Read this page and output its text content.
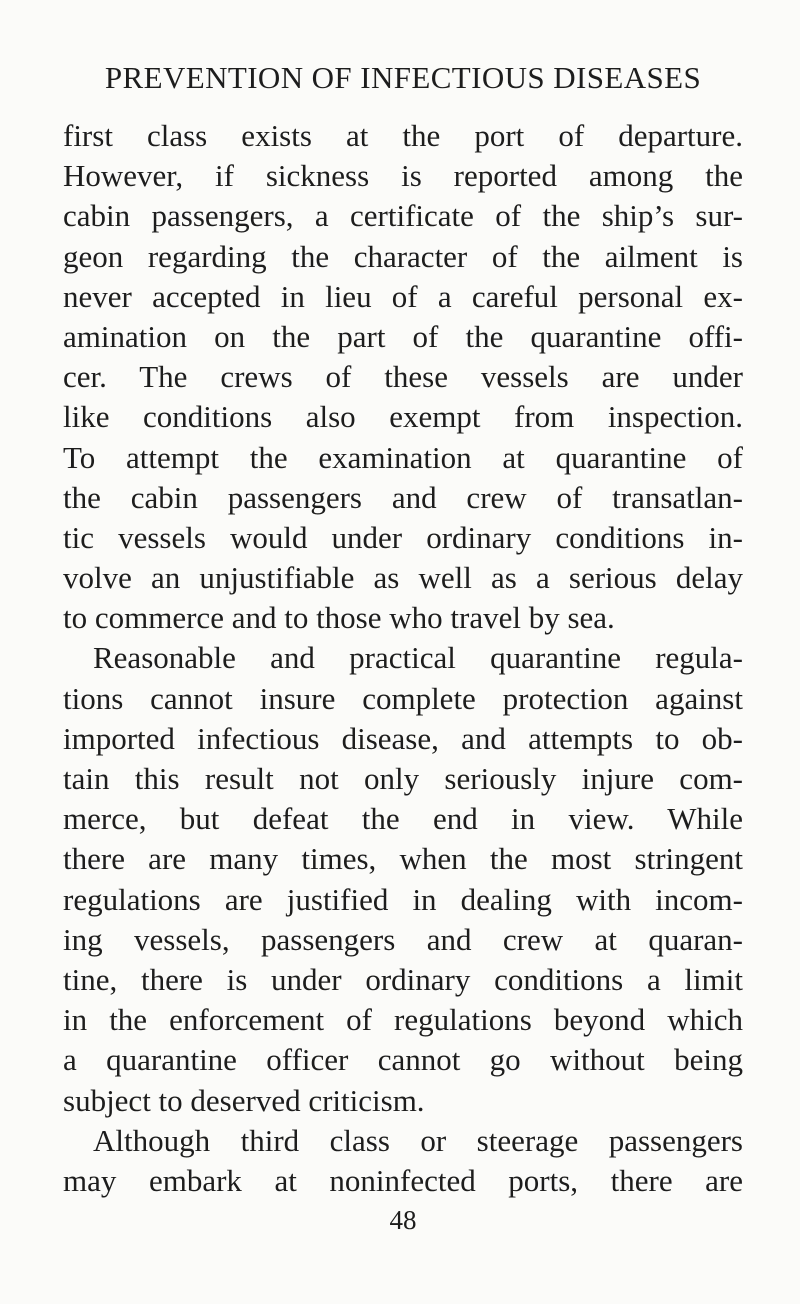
PREVENTION OF INFECTIOUS DISEASES
first class exists at the port of departure.
However, if sickness is reported among the
cabin passengers, a certificate of the ship’s sur-
geon regarding the character of the ailment is
never accepted in lieu of a careful personal ex-
amination on the part of the quarantine offi-
cer. The crews of these vessels are under
like conditions also exempt from inspection.
To attempt the examination at quarantine of
the cabin passengers and crew of transatlan-
tic vessels would under ordinary conditions in-
volve an unjustifiable as well as a serious delay
to commerce and to those who travel by sea.
Reasonable and practical quarantine regula-
tions cannot insure complete protection against
imported infectious disease, and attempts to ob-
tain this result not only seriously injure com-
merce, but defeat the end in view. While
there are many times, when the most stringent
regulations are justified in dealing with incom-
ing vessels, passengers and crew at quaran-
tine, there is under ordinary conditions a limit
in the enforcement of regulations beyond which
a quarantine officer cannot go without being
subject to deserved criticism.
Although third class or steerage passengers
may embark at noninfected ports, there are
48
